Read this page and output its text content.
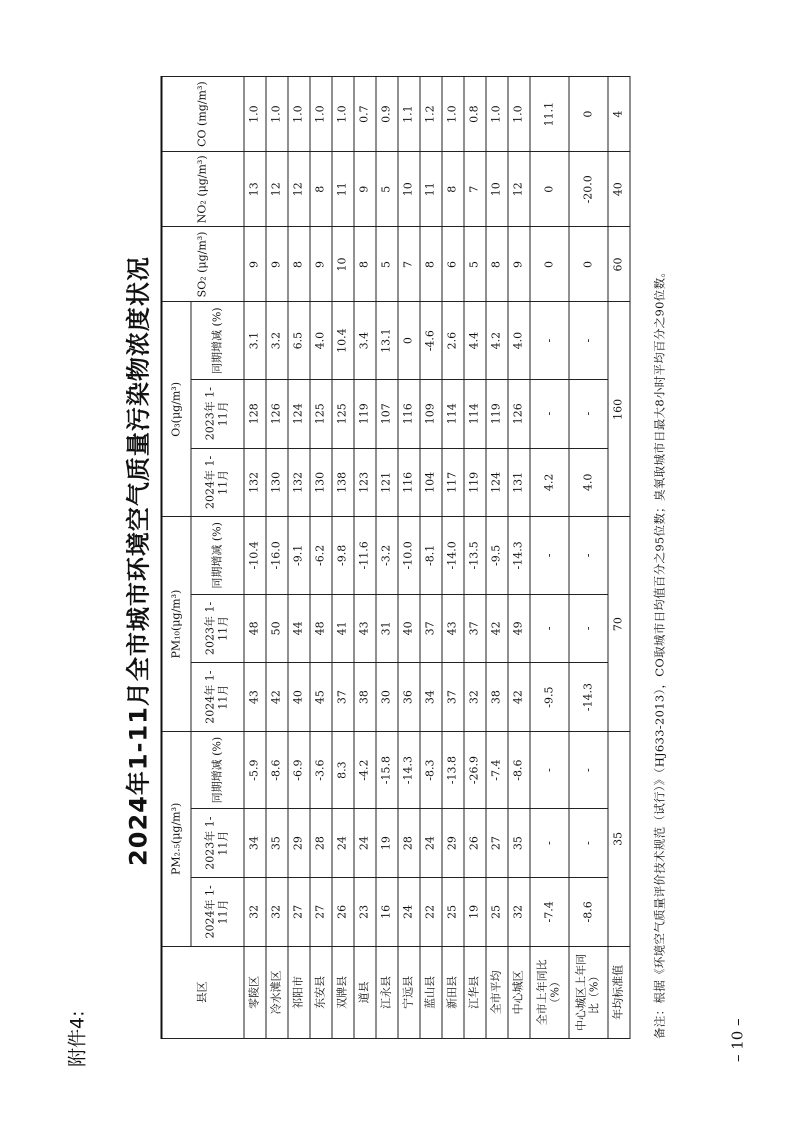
附件4:
2024年1-11月全市城市环境空气质量污染物浓度状况
县区	PM₂.₅(μg/m³)			PM₁₀(μg/m³)			O₃(μg/m³)			SO₂ (μg/m³)	NO₂ (μg/m³)	CO (mg/m³)
	2024年 1-11月	2023年 1-11月	同期增减 (%)	2024年 1-11月	2023年 1-11月	同期增减 (%)	2024年 1-11月	2023年 1-11月	同期增减 (%)			
零陵区	32	34	-5.9	43	48	-10.4	132	128	3.1	9	13	1.0
冷水滩区	32	35	-8.6	42	50	-16.0	130	126	3.2	9	12	1.0
祁阳市	27	29	-6.9	40	44	-9.1	132	124	6.5	8	12	1.0
东安县	27	28	-3.6	45	48	-6.2	130	125	4.0	9	8	1.0
双牌县	26	24	8.3	37	41	-9.8	138	125	10.4	10	11	1.0
道县	23	24	-4.2	38	43	-11.6	123	119	3.4	8	9	0.7
江永县	16	19	-15.8	30	31	-3.2	121	107	13.1	5	5	0.9
宁远县	24	28	-14.3	36	40	-10.0	116	116	0	7	10	1.1
蓝山县	22	24	-8.3	34	37	-8.1	104	109	-4.6	8	11	1.2
新田县	25	29	-13.8	37	43	-14.0	117	114	2.6	6	8	1.0
江华县	19	26	-26.9	32	37	-13.5	119	114	4.4	5	7	0.8
全市平均	25	27	-7.4	38	42	-9.5	124	119	4.2	8	10	1.0
中心城区	32	35	-8.6	42	49	-14.3	131	126	4.0	9	12	1.0
全市上年同比（%）	-7.4	-	-	-9.5	-	-	4.2	-	-	0	0	11.1
中心城区上年同比（%）	-8.6	-	-	-14.3	-	-	4.0	-	-	0	-20.0	0
年均标准值	35			70			160			60	40	4
备注：根据《环境空气质量评价技术规范（试行）》（HJ633-2013），CO取城市日均值百分之95位数；臭氧取城市日最大8小时平均百分之90位数。
– 10 –
